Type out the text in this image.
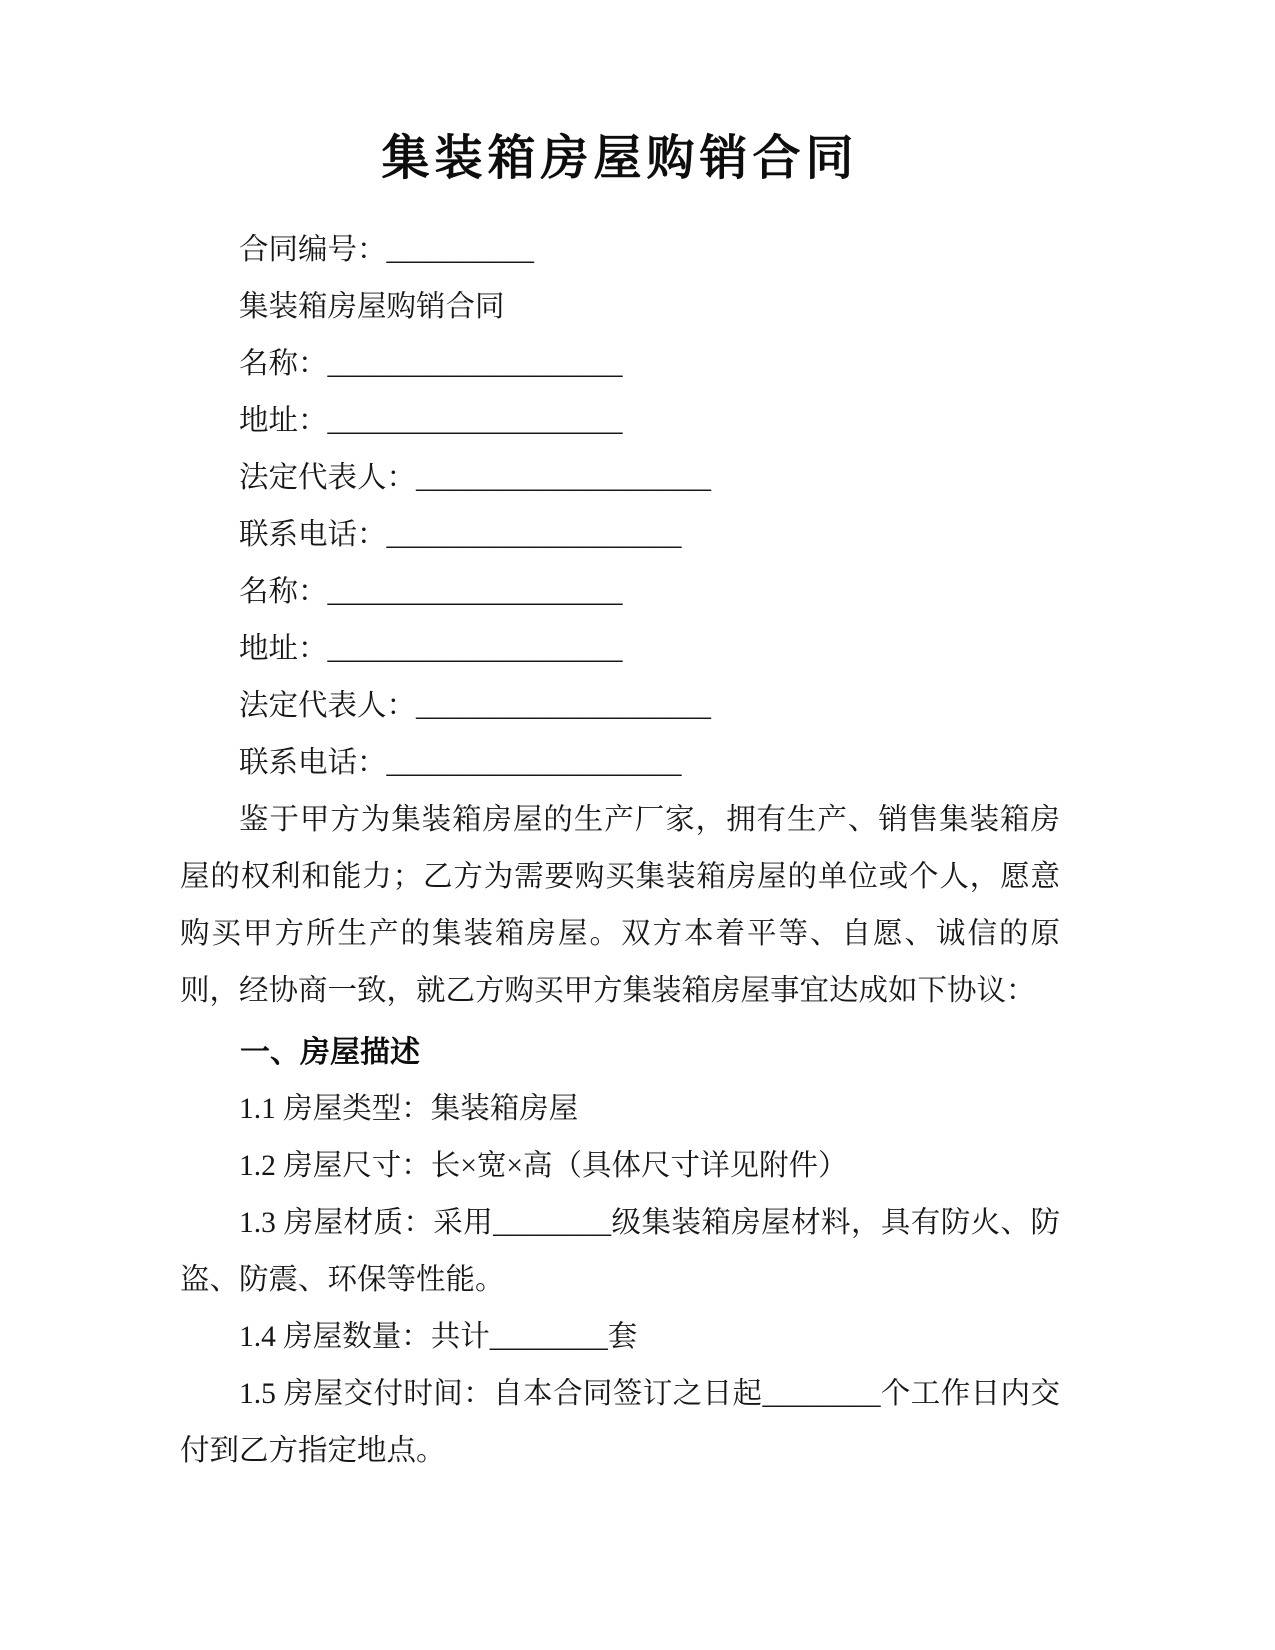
集装箱房屋购销合同

合同编号：__________

集装箱房屋购销合同

名称：____________________

地址：____________________

法定代表人：____________________

联系电话：____________________

名称：____________________

地址：____________________

法定代表人：____________________

联系电话：____________________

鉴于甲方为集装箱房屋的生产厂家，拥有生产、销售集装箱房屋的权利和能力；乙方为需要购买集装箱房屋的单位或个人，愿意购买甲方所生产的集装箱房屋。双方本着平等、自愿、诚信的原则，经协商一致，就乙方购买甲方集装箱房屋事宜达成如下协议：

一、房屋描述

1.1 房屋类型：集装箱房屋

1.2 房屋尺寸：长×宽×高（具体尺寸详见附件）

1.3 房屋材质：采用________级集装箱房屋材料，具有防火、防盗、防震、环保等性能。

1.4 房屋数量：共计________套

1.5 房屋交付时间：自本合同签订之日起________个工作日内交付到乙方指定地点。
